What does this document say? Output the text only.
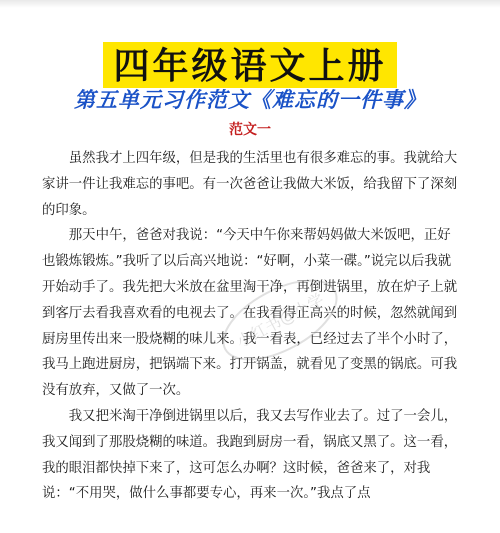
四年级语文上册
第五单元习作范文《难忘的一件事》
范文一

虽然我才上四年级，但是我的生活里也有很多难忘的事。我就给大家讲一件让我难忘的事吧。有一次爸爸让我做大米饭，给我留下了深刻的印象。

那天中午，爸爸对我说：“今天中午你来帮妈妈做大米饭吧，正好也锻炼锻炼。”我听了以后高兴地说：“好啊，小菜一碟。”说完以后我就开始动手了。我先把大米放在盆里淘干净，再倒进锅里，放在炉子上就到客厅去看我喜欢看的电视去了。在我看得正高兴的时候，忽然就闻到厨房里传出来一股烧糊的味儿来。我一看表，已经过去了半个小时了，我马上跑进厨房，把锅端下来。打开锅盖，就看见了变黑的锅底。可我没有放弃，又做了一次。

我又把米淘干净倒进锅里以后，我又去写作业去了。过了一会儿，我又闻到了那股烧糊的味道。我跑到厨房一看，锅底又黑了。这一看，我的眼泪都快掉下来了，这可怎么办啊？这时候，爸爸来了，对我说：“不用哭，做什么事都要专心，再来一次。”我点了点

小红书@小学
